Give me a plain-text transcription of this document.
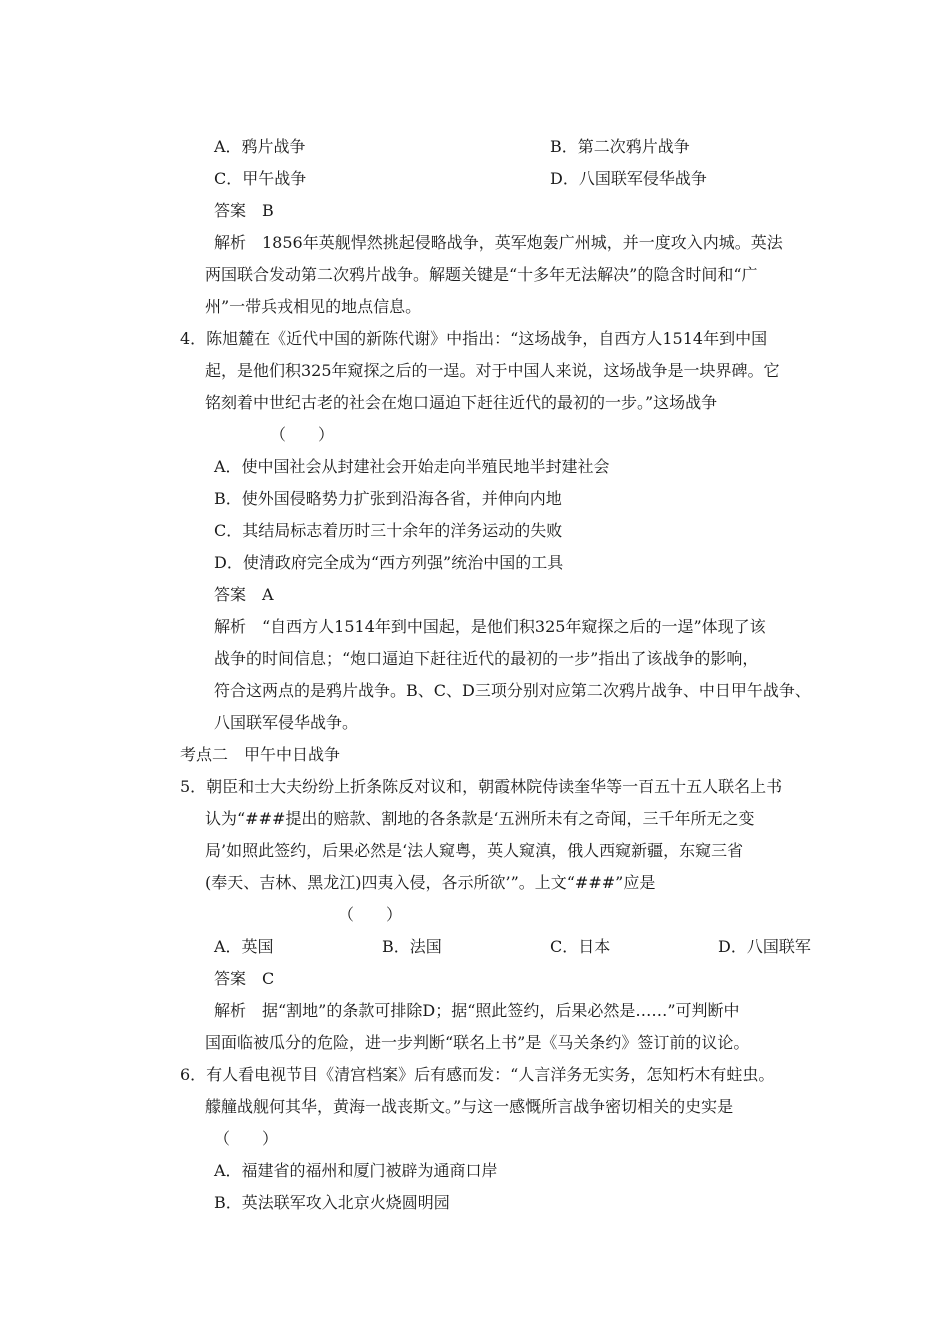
A．鸦片战争	B．第二次鸦片战争
C．甲午战争	D．八国联军侵华战争
答案　B
解析　1856年英舰悍然挑起侵略战争，英军炮轰广州城，并一度攻入内城。英法
两国联合发动第二次鸦片战争。解题关键是“十多年无法解决”的隐含时间和“广
州”一带兵戎相见的地点信息。
4．陈旭麓在《近代中国的新陈代谢》中指出：“这场战争，自西方人1514年到中国
起，是他们积325年窥探之后的一逞。对于中国人来说，这场战争是一块界碑。它
铭刻着中世纪古老的社会在炮口逼迫下赶往近代的最初的一步。”这场战争
（　　）
A．使中国社会从封建社会开始走向半殖民地半封建社会
B．使外国侵略势力扩张到沿海各省，并伸向内地
C．其结局标志着历时三十余年的洋务运动的失败
D．使清政府完全成为“西方列强”统治中国的工具
答案　A
解析　“自西方人1514年到中国起，是他们积325年窥探之后的一逞”体现了该
战争的时间信息；“炮口逼迫下赶往近代的最初的一步”指出了该战争的影响，
符合这两点的是鸦片战争。B、C、D三项分别对应第二次鸦片战争、中日甲午战争、
八国联军侵华战争。
考点二　甲午中日战争
5．朝臣和士大夫纷纷上折条陈反对议和，朝霞林院侍读奎华等一百五十五人联名上书
认为“###提出的赔款、割地的各条款是‘五洲所未有之奇闻，三千年所无之变
局’如照此签约，后果必然是‘法人窥粤，英人窥滇，俄人西窥新疆，东窥三省
(奉天、吉林、黑龙江)四夷入侵，各示所欲’”。上文“###”应是
（　　）
A．英国	B．法国	C．日本	D．八国联军
答案　C
解析　据“割地”的条款可排除D；据“照此签约，后果必然是……”可判断中
国面临被瓜分的危险，进一步判断“联名上书”是《马关条约》签订前的议论。
6．有人看电视节目《清宫档案》后有感而发：“人言洋务无实务，怎知朽木有蛀虫。
艨艟战舰何其华，黄海一战丧斯文。”与这一感慨所言战争密切相关的史实是
（　　）
A．福建省的福州和厦门被辟为通商口岸
B．英法联军攻入北京火烧圆明园
